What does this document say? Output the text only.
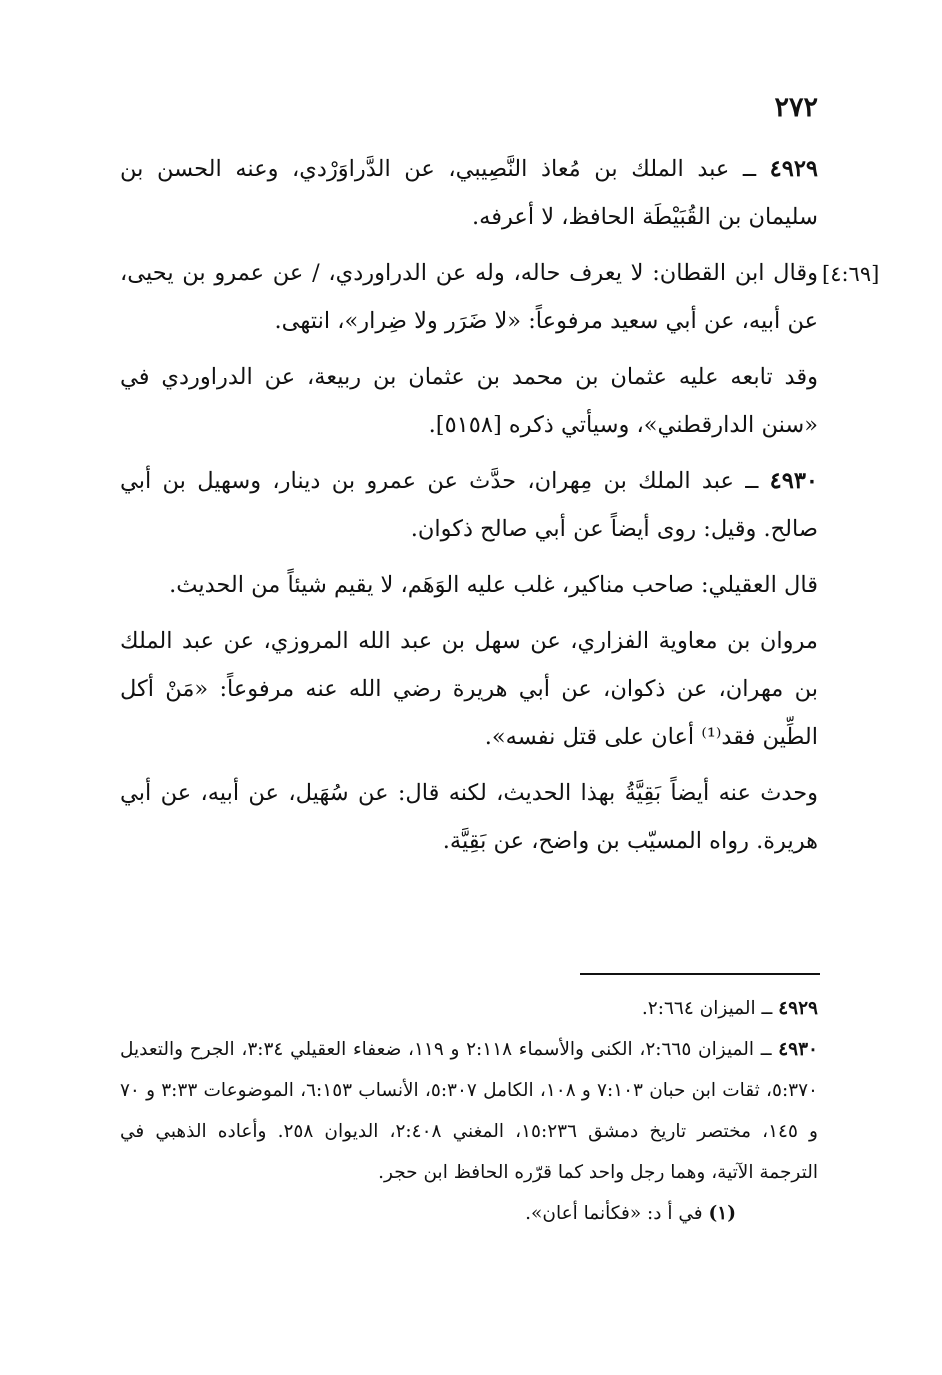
٢٧٢
[٤:٦٩]

٤٩٢٩ ــ عبد الملك بن مُعاذ النَّصِيبي، عن الدَّراوَرْدي، وعنه الحسن بن سليمان بن القُبَيْطَة الحافظ، لا أعرفه.

وقال ابن القطان: لا يعرف حاله، وله عن الدراوردي، / عن عمرو بن يحيى، عن أبيه، عن أبي سعيد مرفوعاً: «لا ضَرَر ولا ضِرار»، انتهى.

وقد تابعه عليه عثمان بن محمد بن عثمان بن ربيعة، عن الدراوردي في «سنن الدارقطني»، وسيأتي ذكره [٥١٥٨].

٤٩٣٠ ــ عبد الملك بن مِهران، حدَّث عن عمرو بن دينار، وسهيل بن أبي صالح. وقيل: روى أيضاً عن أبي صالح ذكوان.

قال العقيلي: صاحب مناكير، غلب عليه الوَهَم، لا يقيم شيئاً من الحديث.

مروان بن معاوية الفزاري، عن سهل بن عبد الله المروزي، عن عبد الملك بن مهران، عن ذكوان، عن أبي هريرة رضي الله عنه مرفوعاً: «مَنْ أكل الطِّين فقد⁽¹⁾ أعان على قتل نفسه».

وحدث عنه أيضاً بَقِيَّةُ بهذا الحديث، لكنه قال: عن سُهَيل، عن أبيه، عن أبي هريرة. رواه المسيّب بن واضح، عن بَقِيَّة.

٤٩٢٩ ــ الميزان ٢:٦٦٤.

٤٩٣٠ ــ الميزان ٢:٦٦٥، الكنى والأسماء ٢:١١٨ و ١١٩، ضعفاء العقيلي ٣:٣٤، الجرح والتعديل ٥:٣٧٠، ثقات ابن حبان ٧:١٠٣ و ١٠٨، الكامل ٥:٣٠٧، الأنساب ٦:١٥٣، الموضوعات ٣:٣٣ و ٧٠ و ١٤٥، مختصر تاريخ دمشق ١٥:٢٣٦، المغني ٢:٤٠٨، الديوان ٢٥٨. وأعاده الذهبي في الترجمة الآتية، وهما رجل واحد كما قرّره الحافظ ابن حجر.

(١) في أ د: «فكأنما أعان».
